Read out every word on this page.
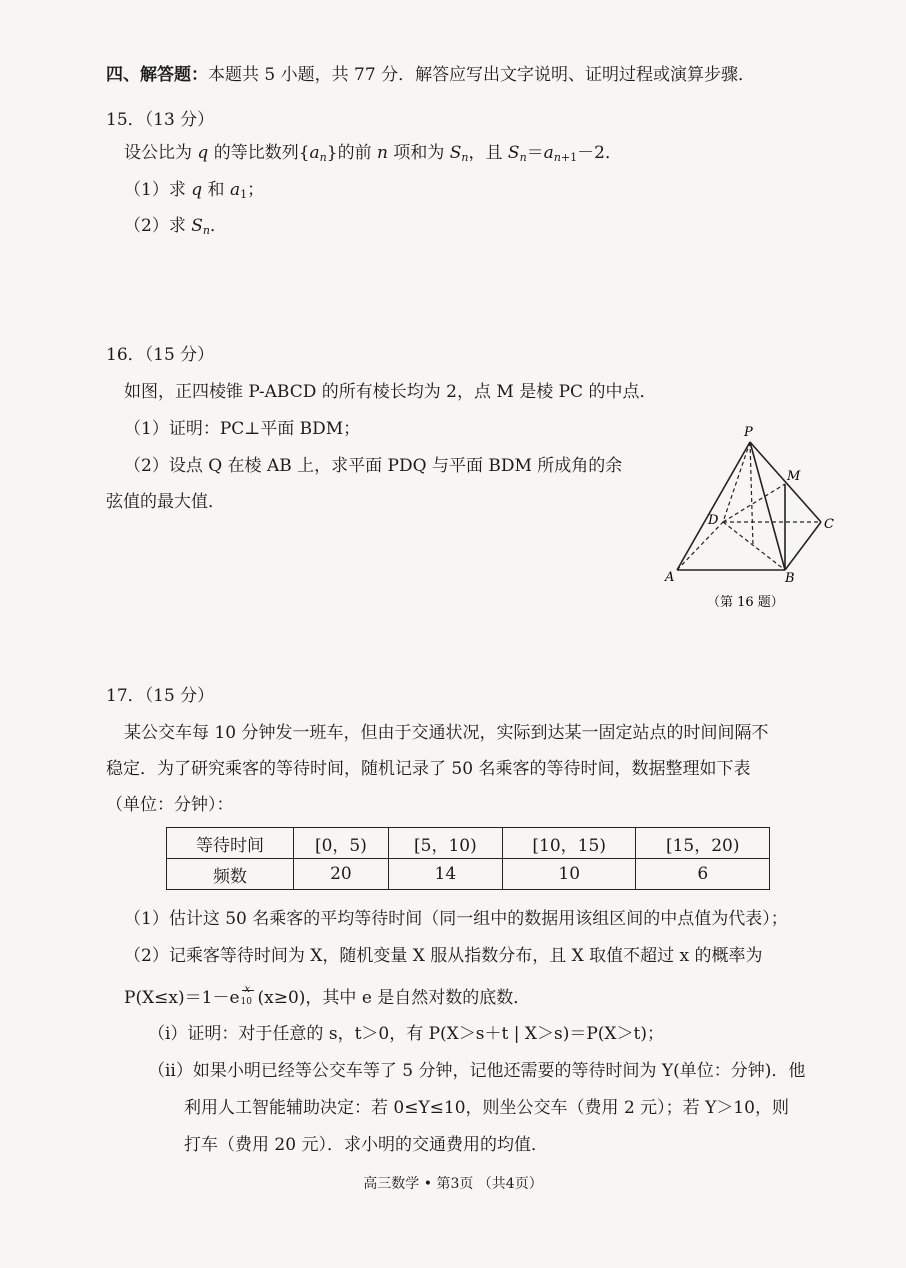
四、解答题：本题共 5 小题，共 77 分．解答应写出文字说明、证明过程或演算步骤．
15．（13 分）
设公比为 q 的等比数列$\{a_n\}$的前 n 项和为 $S_n$，且 $S_n=a_{n+1}-2$．
（1）求 q 和 $a_1$；
（2）求 $S_n$．
16．（15 分）
如图，正四棱锥 P-ABCD 的所有棱长均为 2，点 M 是棱 PC 的中点．
（1）证明：PC⊥平面 BDM；
（2）设点 Q 在棱 AB 上，求平面 PDQ 与平面 BDM 所成角的余
弦值的最大值．
P
M
D	C
A	B
（第 16 题）
17．（15 分）
某公交车每 10 分钟发一班车，但由于交通状况，实际到达某一固定站点的时间间隔不
稳定．为了研究乘客的等待时间，随机记录了 50 名乘客的等待时间，数据整理如下表
（单位：分钟）：
等待时间	[0，5)	[5，10)	[10，15)	[15，20)
频数	20	14	10	6
（1）估计这 50 名乘客的平均等待时间（同一组中的数据用该组区间的中点值为代表）；
（2）记乘客等待时间为 X，随机变量 X 服从指数分布，且 X 取值不超过 x 的概率为
P(X≤x)＝1－e x
10 (x≥0)，其中 e 是自然对数的底数．
（i）证明：对于任意的 s，t＞0，有 P(X＞s＋t | X＞s)＝P(X＞t)；
（ii）如果小明已经等公交车等了 5 分钟，记他还需要的等待时间为 Y(单位：分钟)．他
利用人工智能辅助决定：若 0≤Y≤10，则坐公交车（费用 2 元）；若 Y＞10，则
打车（费用 20 元）．求小明的交通费用的均值．
高三数学 • 第3页 （共4页）
